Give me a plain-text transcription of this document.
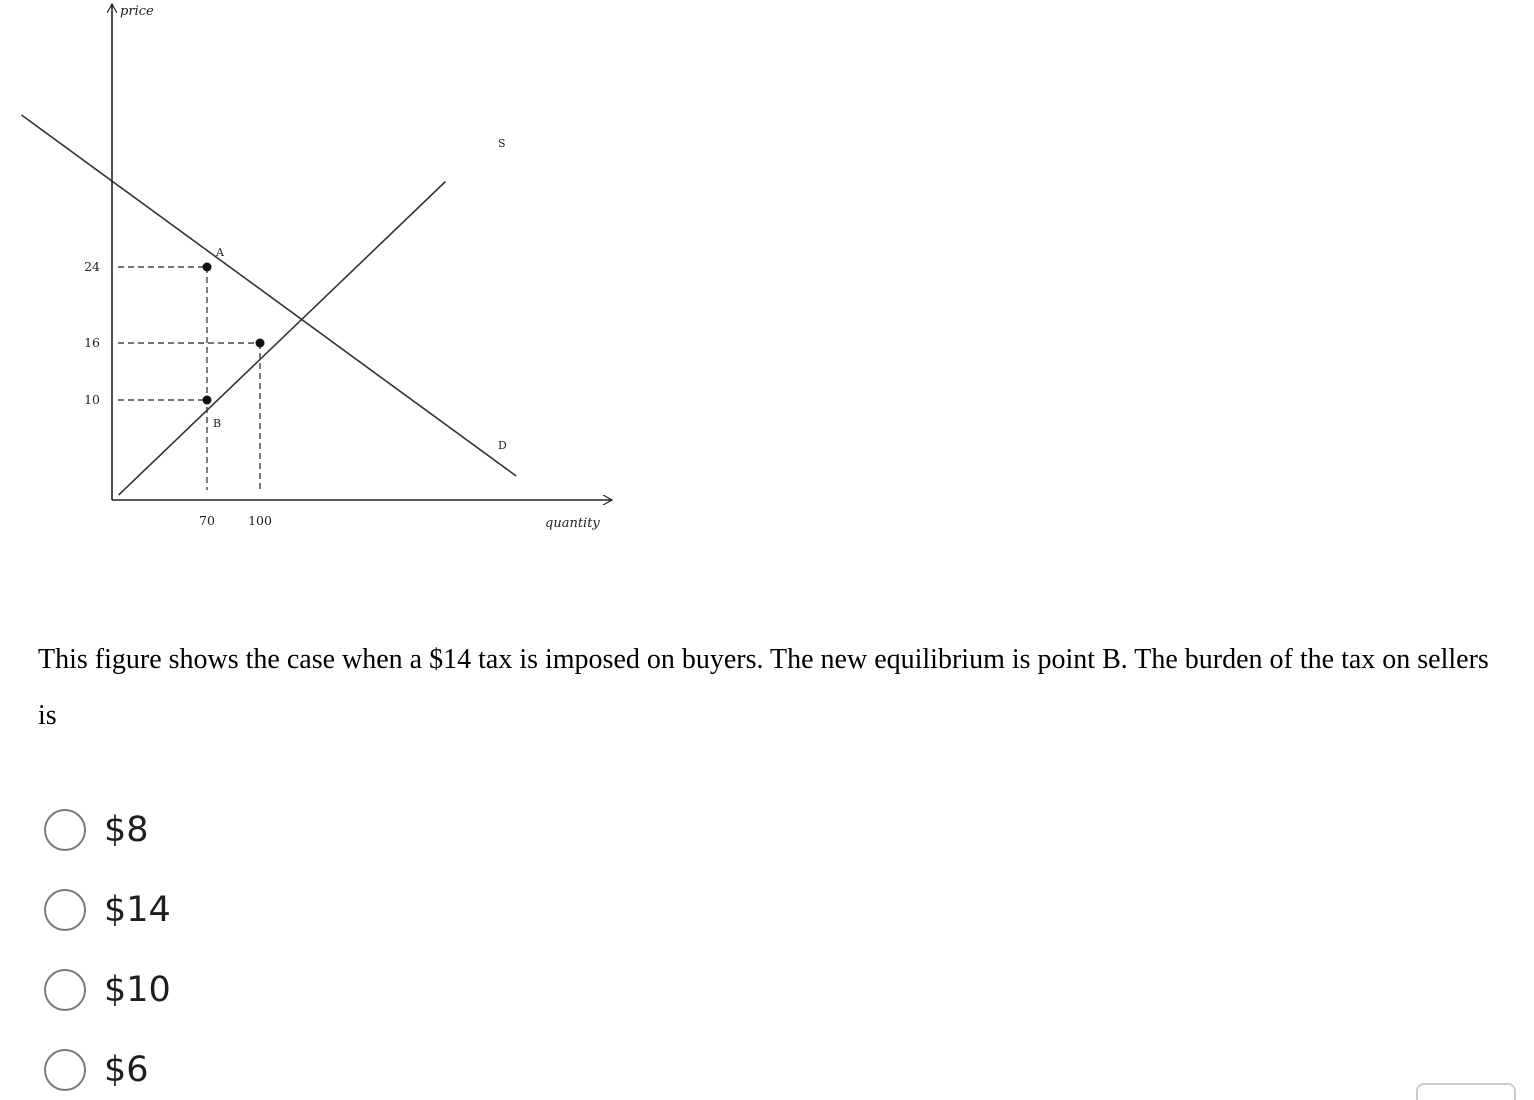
S
D
price
quantity
24
16
10
70	100
A
B

This figure shows the case when a $14 tax is imposed on buyers. The new equilibrium is point B. The burden of the tax on sellers is

$8
$14
$10
$6
